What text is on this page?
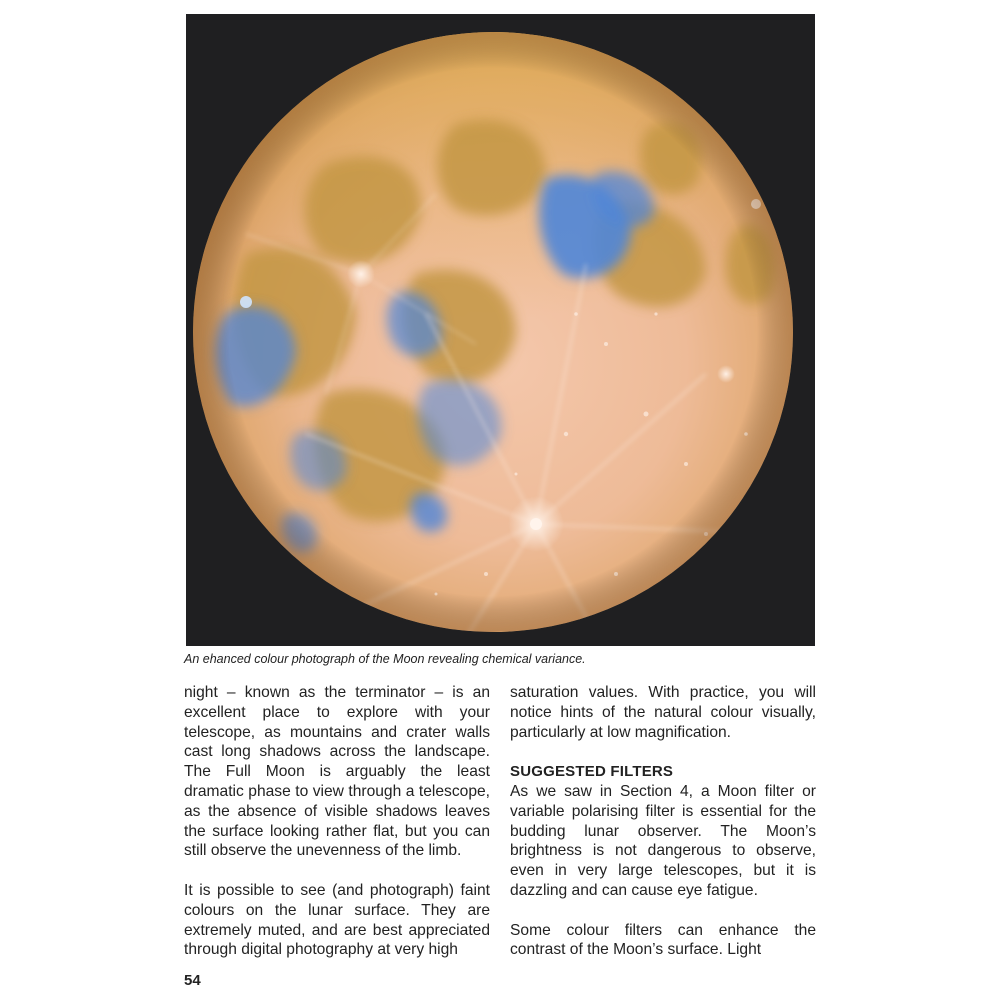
An ehanced colour photograph of the Moon revealing chemical variance.

night – known as the terminator – is an excellent place to explore with your telescope, as mountains and crater walls cast long shadows across the landscape. The Full Moon is arguably the least dramatic phase to view through a telescope, as the absence of visible shadows leaves the surface looking rather flat, but you can still observe the unevenness of the limb.

It is possible to see (and photograph) faint colours on the lunar surface. They are extremely muted, and are best appreciated through digital photography at very high

saturation values. With practice, you will notice hints of the natural colour visually, particularly at low magnification.

SUGGESTED FILTERS

As we saw in Section 4, a Moon filter or variable polarising filter is essential for the budding lunar observer. The Moon’s brightness is not dangerous to observe, even in very large telescopes, but it is dazzling and can cause eye fatigue.

Some colour filters can enhance the contrast of the Moon’s surface. Light

54
